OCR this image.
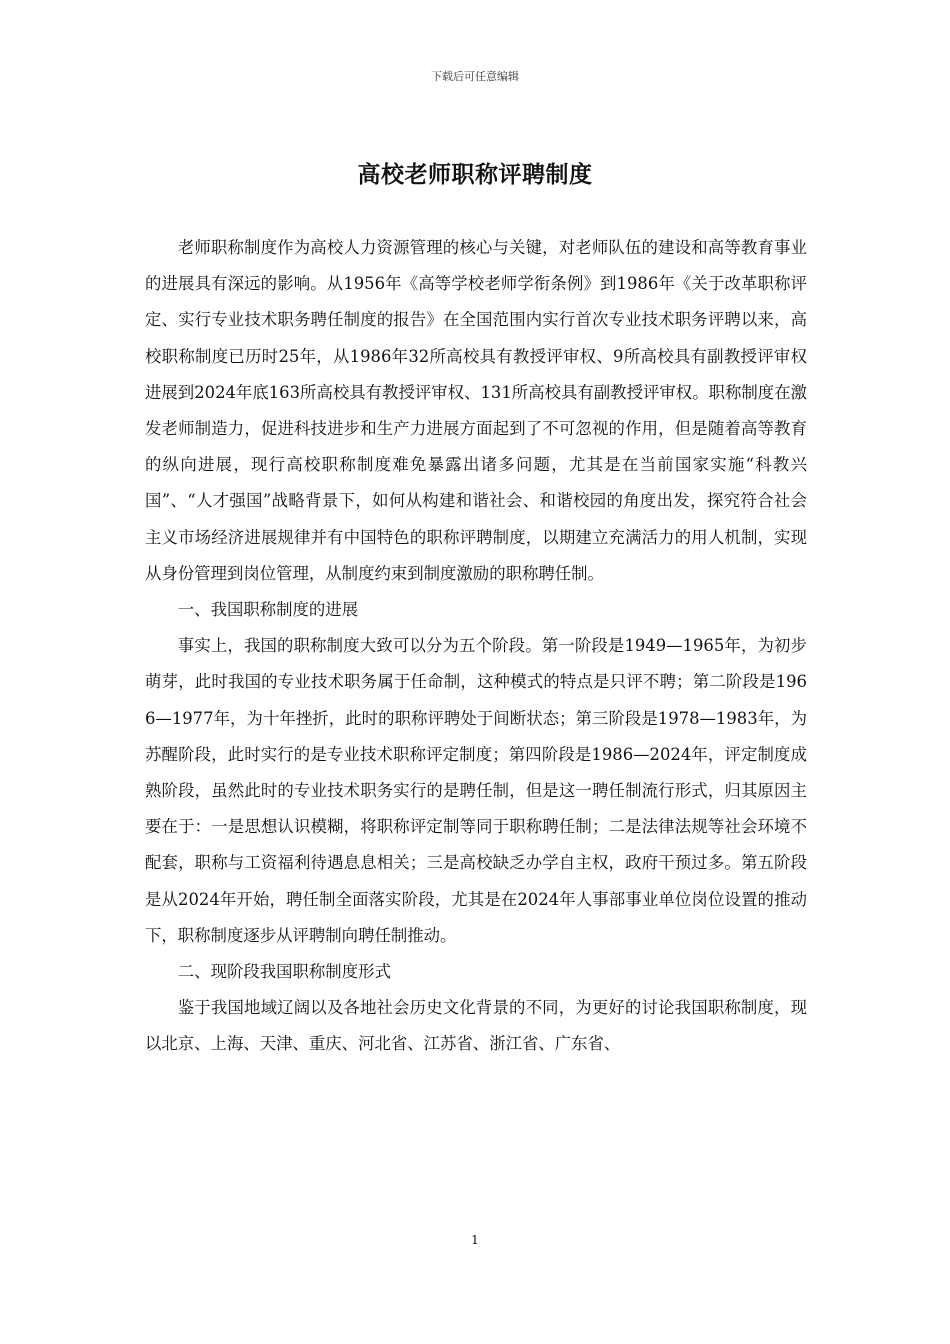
下载后可任意编辑
高校老师职称评聘制度

老师职称制度作为高校人力资源管理的核心与关键，对老师队伍的建设和高等教育事业的进展具有深远的影响。从1956年《高等学校老师学衔条例》到1986年《关于改革职称评定、实行专业技术职务聘任制度的报告》在全国范围内实行首次专业技术职务评聘以来，高校职称制度已历时25年，从1986年32所高校具有教授评审权、9所高校具有副教授评审权进展到2024年底163所高校具有教授评审权、131所高校具有副教授评审权。职称制度在激发老师制造力，促进科技进步和生产力进展方面起到了不可忽视的作用，但是随着高等教育的纵向进展，现行高校职称制度难免暴露出诸多问题，尤其是在当前国家实施“科教兴国”、“人才强国”战略背景下，如何从构建和谐社会、和谐校园的角度出发，探究符合社会主义市场经济进展规律并有中国特色的职称评聘制度，以期建立充满活力的用人机制，实现从身份管理到岗位管理，从制度约束到制度激励的职称聘任制。

一、我国职称制度的进展

事实上，我国的职称制度大致可以分为五个阶段。第一阶段是1949—1965年，为初步萌芽，此时我国的专业技术职务属于任命制，这种模式的特点是只评不聘；第二阶段是1966—1977年，为十年挫折，此时的职称评聘处于间断状态；第三阶段是1978—1983年，为苏醒阶段，此时实行的是专业技术职称评定制度；第四阶段是1986—2024年，评定制度成熟阶段，虽然此时的专业技术职务实行的是聘任制，但是这一聘任制流行形式，归其原因主要在于：一是思想认识模糊，将职称评定制等同于职称聘任制；二是法律法规等社会环境不配套，职称与工资福利待遇息息相关；三是高校缺乏办学自主权，政府干预过多。第五阶段是从2024年开始，聘任制全面落实阶段，尤其是在2024年人事部事业单位岗位设置的推动下，职称制度逐步从评聘制向聘任制推动。

二、现阶段我国职称制度形式

鉴于我国地域辽阔以及各地社会历史文化背景的不同，为更好的讨论我国职称制度，现以北京、上海、天津、重庆、河北省、江苏省、浙江省、广东省、

1
